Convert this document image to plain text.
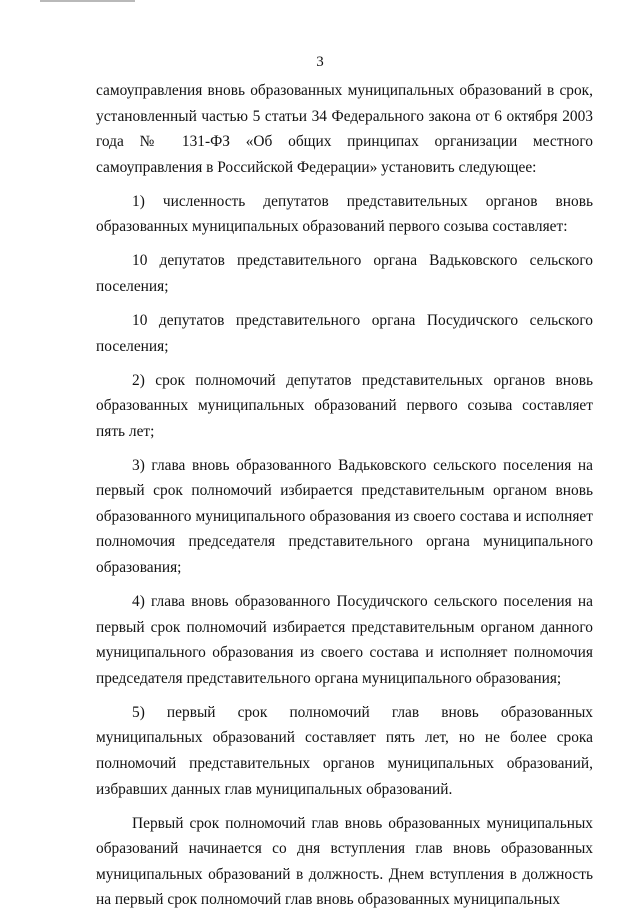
3

самоуправления вновь образованных муниципальных образований в срок, установленный частью 5 статьи 34 Федерального закона от 6 октября 2003 года № 131-ФЗ «Об общих принципах организации местного самоуправления в Российской Федерации» установить следующее:

1) численность депутатов представительных органов вновь образованных муниципальных образований первого созыва составляет:

10 депутатов представительного органа Вадьковского сельского поселения;

10 депутатов представительного органа Посудичского сельского поселения;

2) срок полномочий депутатов представительных органов вновь образованных муниципальных образований первого созыва составляет пять лет;

3) глава вновь образованного Вадьковского сельского поселения на первый срок полномочий избирается представительным органом вновь образованного муниципального образования из своего состава и исполняет полномочия председателя представительного органа муниципального образования;

4) глава вновь образованного Посудичского сельского поселения на первый срок полномочий избирается представительным органом данного муниципального образования из своего состава и исполняет полномочия председателя представительного органа муниципального образования;

5) первый срок полномочий глав вновь образованных муниципальных образований составляет пять лет, но не более срока полномочий представительных органов муниципальных образований, избравших данных глав муниципальных образований.

Первый срок полномочий глав вновь образованных муниципальных образований начинается со дня вступления глав вновь образованных муниципальных образований в должность. Днем вступления в должность на первый срок полномочий глав вновь образованных муниципальных
